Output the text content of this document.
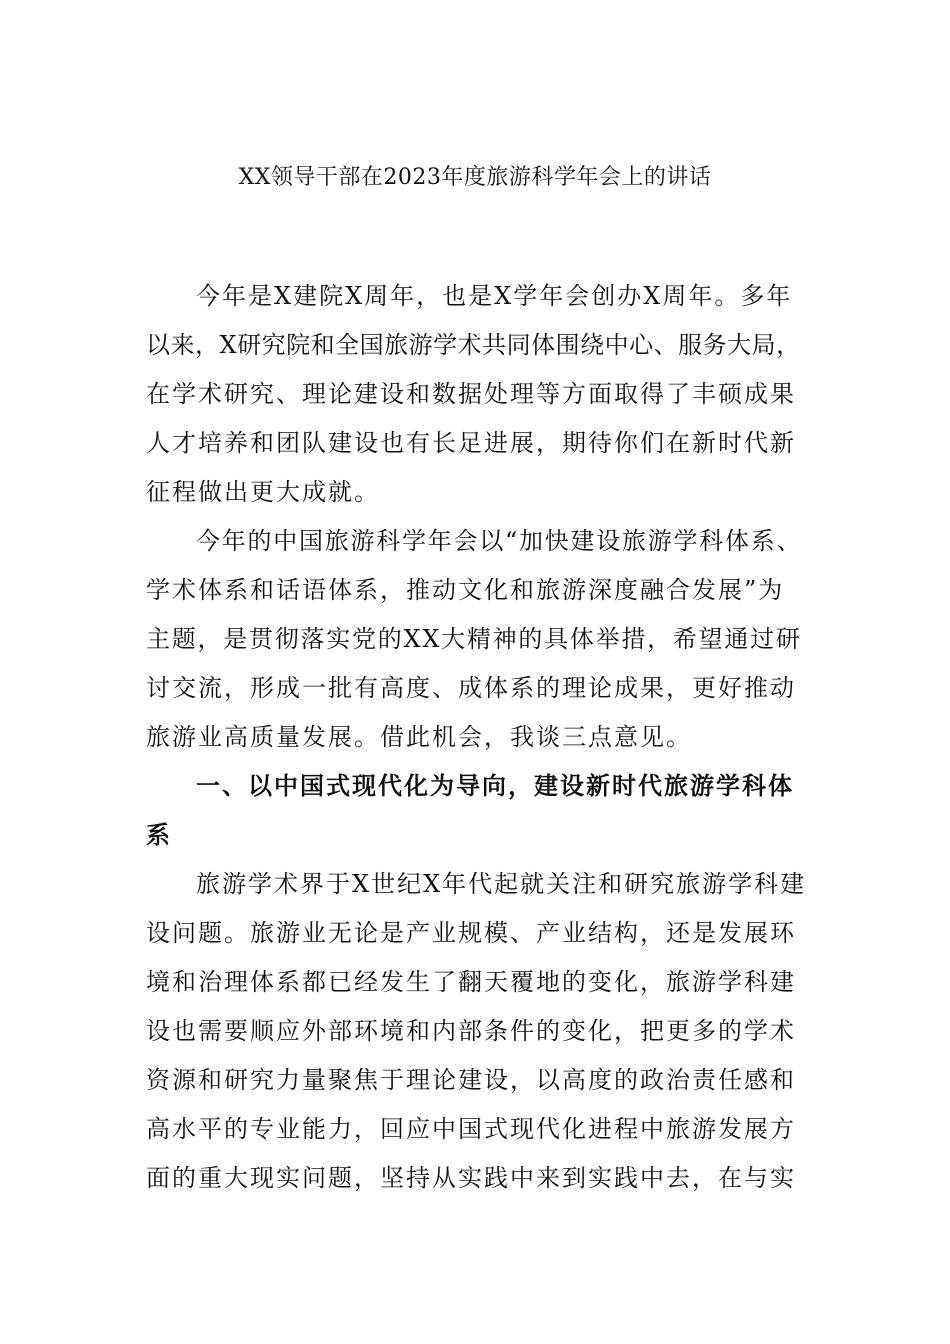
XX领导干部在2023年度旅游科学年会上的讲话
今年是X建院X周年，也是X学年会创办X周年。多年
以来，X研究院和全国旅游学术共同体围绕中心、服务大局，
在学术研究、理论建设和数据处理等方面取得了丰硕成果
人才培养和团队建设也有长足进展，期待你们在新时代新
征程做出更大成就。
今年的中国旅游科学年会以“加快建设旅游学科体系、
学术体系和话语体系，推动文化和旅游深度融合发展”为
主题，是贯彻落实党的XX大精神的具体举措，希望通过研
讨交流，形成一批有高度、成体系的理论成果，更好推动
旅游业高质量发展。借此机会，我谈三点意见。
一、以中国式现代化为导向，建设新时代旅游学科体
系
旅游学术界于X世纪X年代起就关注和研究旅游学科建
设问题。旅游业无论是产业规模、产业结构，还是发展环
境和治理体系都已经发生了翻天覆地的变化，旅游学科建
设也需要顺应外部环境和内部条件的变化，把更多的学术
资源和研究力量聚焦于理论建设，以高度的政治责任感和
高水平的专业能力，回应中国式现代化进程中旅游发展方
面的重大现实问题，坚持从实践中来到实践中去，在与实
